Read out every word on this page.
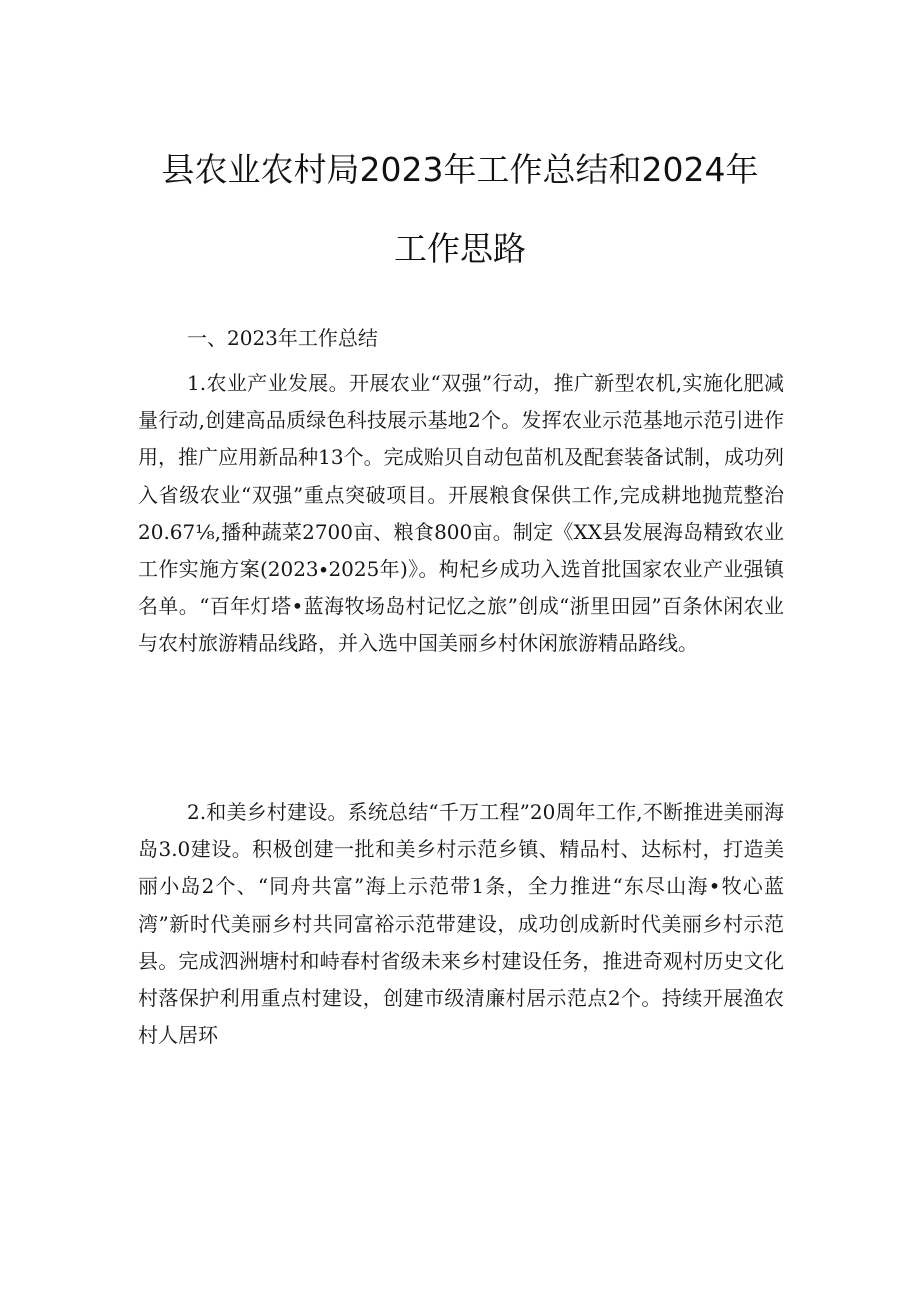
县农业农村局2023年工作总结和2024年
工作思路

一、2023年工作总结

1.农业产业发展。开展农业“双强”行动，推广新型农机,实施化肥减量行动,创建高品质绿色科技展示基地2个。发挥农业示范基地示范引进作用，推广应用新品种13个。完成贻贝自动包苗机及配套装备试制，成功列入省级农业“双强”重点突破项目。开展粮食保供工作,完成耕地抛荒整治20.67⅛,播种蔬菜2700亩、粮食800亩。制定《XX县发展海岛精致农业工作实施方案(2023∙2025年)》。枸杞乡成功入选首批国家农业产业强镇名单。“百年灯塔•蓝海牧场岛村记忆之旅”创成“浙里田园”百条休闲农业与农村旅游精品线路，并入选中国美丽乡村休闲旅游精品路线。

2.和美乡村建设。系统总结“千万工程”20周年工作,不断推进美丽海岛3.0建设。积极创建一批和美乡村示范乡镇、精品村、达标村，打造美丽小岛2个、“同舟共富”海上示范带1条，全力推进“东尽山海•牧心蓝湾”新时代美丽乡村共同富裕示范带建设，成功创成新时代美丽乡村示范县。完成泗洲塘村和峙春村省级未来乡村建设任务，推进奇观村历史文化村落保护利用重点村建设，创建市级清廉村居示范点2个。持续开展渔农村人居环
